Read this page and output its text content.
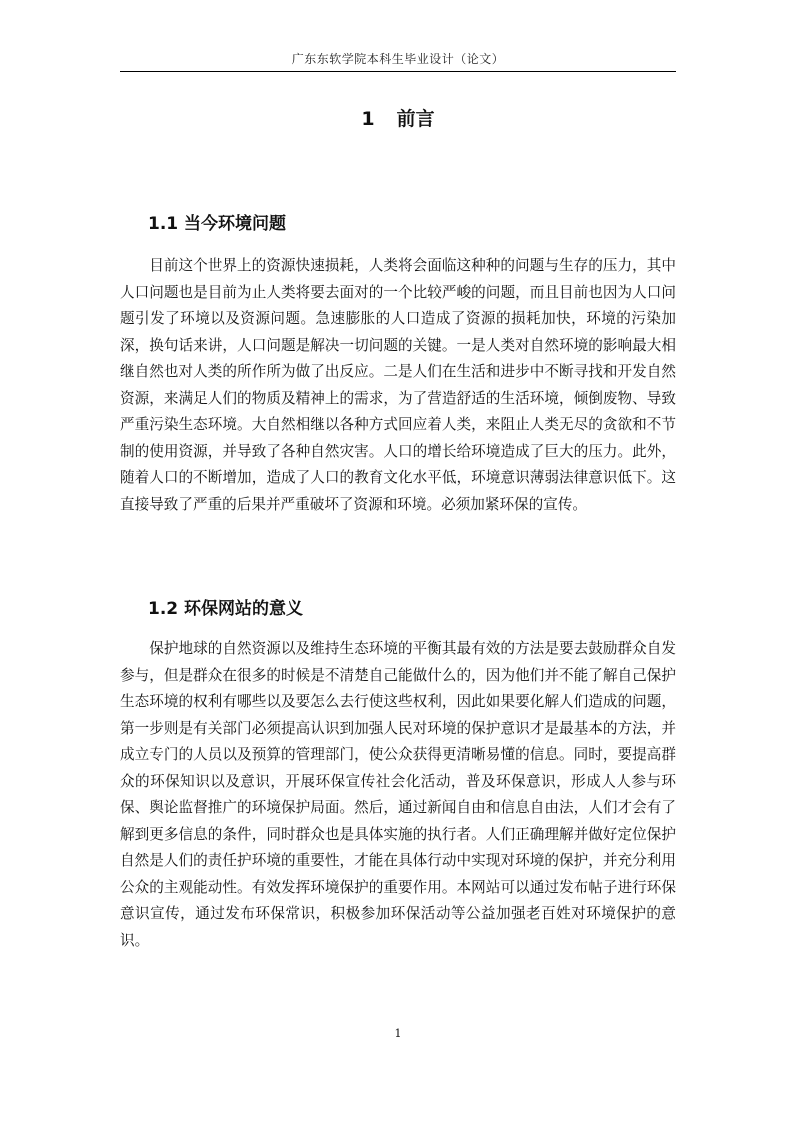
广东东软学院本科生毕业设计（论文）
1 前言
1.1 当今环境问题

目前这个世界上的资源快速损耗，人类将会面临这种种的问题与生存的压力，其中人口问题也是目前为止人类将要去面对的一个比较严峻的问题，而且目前也因为人口问题引发了环境以及资源问题。急速膨胀的人口造成了资源的损耗加快，环境的污染加深，换句话来讲，人口问题是解决一切问题的关键。一是人类对自然环境的影响最大相继自然也对人类的所作所为做了出反应。二是人们在生活和进步中不断寻找和开发自然资源，来满足人们的物质及精神上的需求，为了营造舒适的生活环境，倾倒废物、导致严重污染生态环境。大自然相继以各种方式回应着人类，来阻止人类无尽的贪欲和不节制的使用资源，并导致了各种自然灾害。人口的增长给环境造成了巨大的压力。此外，随着人口的不断增加，造成了人口的教育文化水平低，环境意识薄弱法律意识低下。这直接导致了严重的后果并严重破坏了资源和环境。必须加紧环保的宣传。

1.2 环保网站的意义

保护地球的自然资源以及维持生态环境的平衡其最有效的方法是要去鼓励群众自发参与，但是群众在很多的时候是不清楚自己能做什么的，因为他们并不能了解自己保护生态环境的权利有哪些以及要怎么去行使这些权利，因此如果要化解人们造成的问题，第一步则是有关部门必须提高认识到加强人民对环境的保护意识才是最基本的方法，并成立专门的人员以及预算的管理部门，使公众获得更清晰易懂的信息。同时，要提高群众的环保知识以及意识，开展环保宣传社会化活动，普及环保意识，形成人人参与环保、舆论监督推广的环境保护局面。然后，通过新闻自由和信息自由法，人们才会有了解到更多信息的条件，同时群众也是具体实施的执行者。人们正确理解并做好定位保护自然是人们的责任护环境的重要性，才能在具体行动中实现对环境的保护，并充分利用公众的主观能动性。有效发挥环境保护的重要作用。本网站可以通过发布帖子进行环保意识宣传，通过发布环保常识，积极参加环保活动等公益加强老百姓对环境保护的意识。

1
